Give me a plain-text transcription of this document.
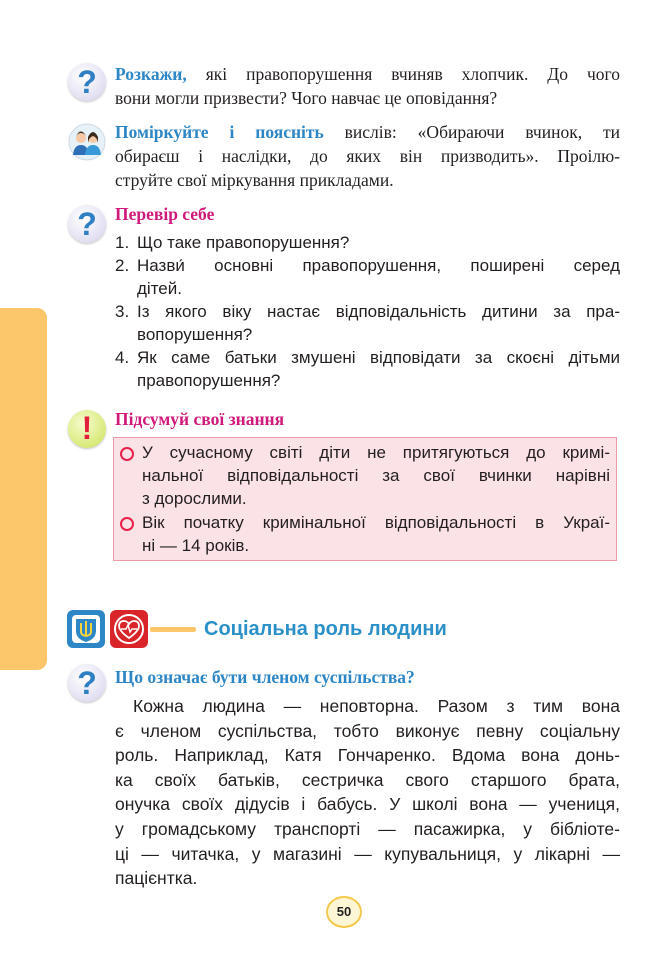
?	Розкажи, які правопорушення вчиняв хлопчик. До чого
вони могли призвести? Чого навчає це оповідання?
Поміркуйте і поясніть вислів: «Обираючи вчинок, ти
обираєш і наслідки, до яких він призводить». Проілю-
струйте свої міркування прикладами.
?	Перевір себе
1. Що таке правопорушення?
2. Назви́ основні правопорушення, поширені серед
дітей.
3. Із якого віку настає відповідальність дитини за пра-
вопорушення?
4. Як саме батьки змушені відповідати за скоєні дітьми
правопорушення?
!	Підсумуй свої знання
У сучасному світі діти не притягуються до кримі-
нальної відповідальності за свої вчинки нарівні
з дорослими.
Вік початку кримінальної відповідальності в Украї-
ні — 14 років.
Соціальна роль людини
?	Що означає бути членом суспільства?
Кожна людина — неповторна. Разом з тим вона
є членом суспільства, тобто виконує певну соціальну
роль. Наприклад, Катя Гончаренко. Вдома вона донь-
ка своїх батьків, сестричка свого старшого брата,
онучка своїх дідусів і бабусь. У школі вона — учениця,
у громадському транспорті — пасажирка, у бібліоте-
ці — читачка, у магазині — купувальниця, у лікарні —
пацієнтка.
50
